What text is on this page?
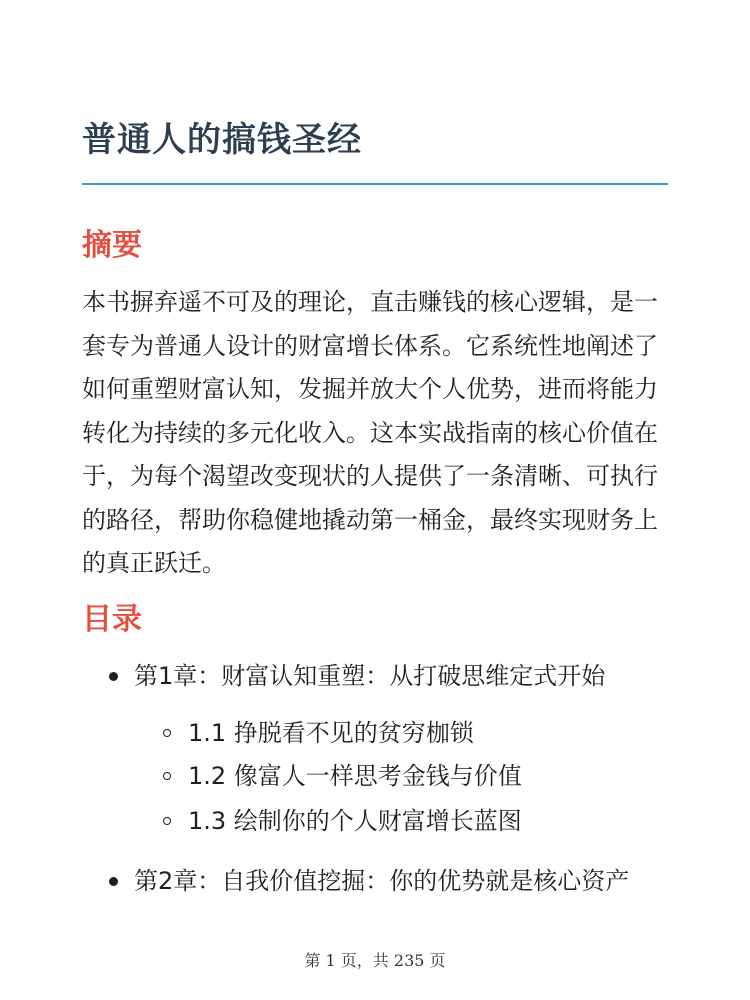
普通人的搞钱圣经
摘要

本书摒弃遥不可及的理论，直击赚钱的核心逻辑，是一套专为普通人设计的财富增长体系。它系统性地阐述了如何重塑财富认知，发掘并放大个人优势，进而将能力转化为持续的多元化收入。这本实战指南的核心价值在于，为每个渴望改变现状的人提供了一条清晰、可执行的路径，帮助你稳健地撬动第一桶金，最终实现财务上的真正跃迁。

目录

第1章：财富认知重塑：从打破思维定式开始

1.1 挣脱看不见的贫穷枷锁

1.2 像富人一样思考金钱与价值

1.3 绘制你的个人财富增长蓝图

第2章：自我价值挖掘：你的优势就是核心资产

第 1 页，共 235 页
